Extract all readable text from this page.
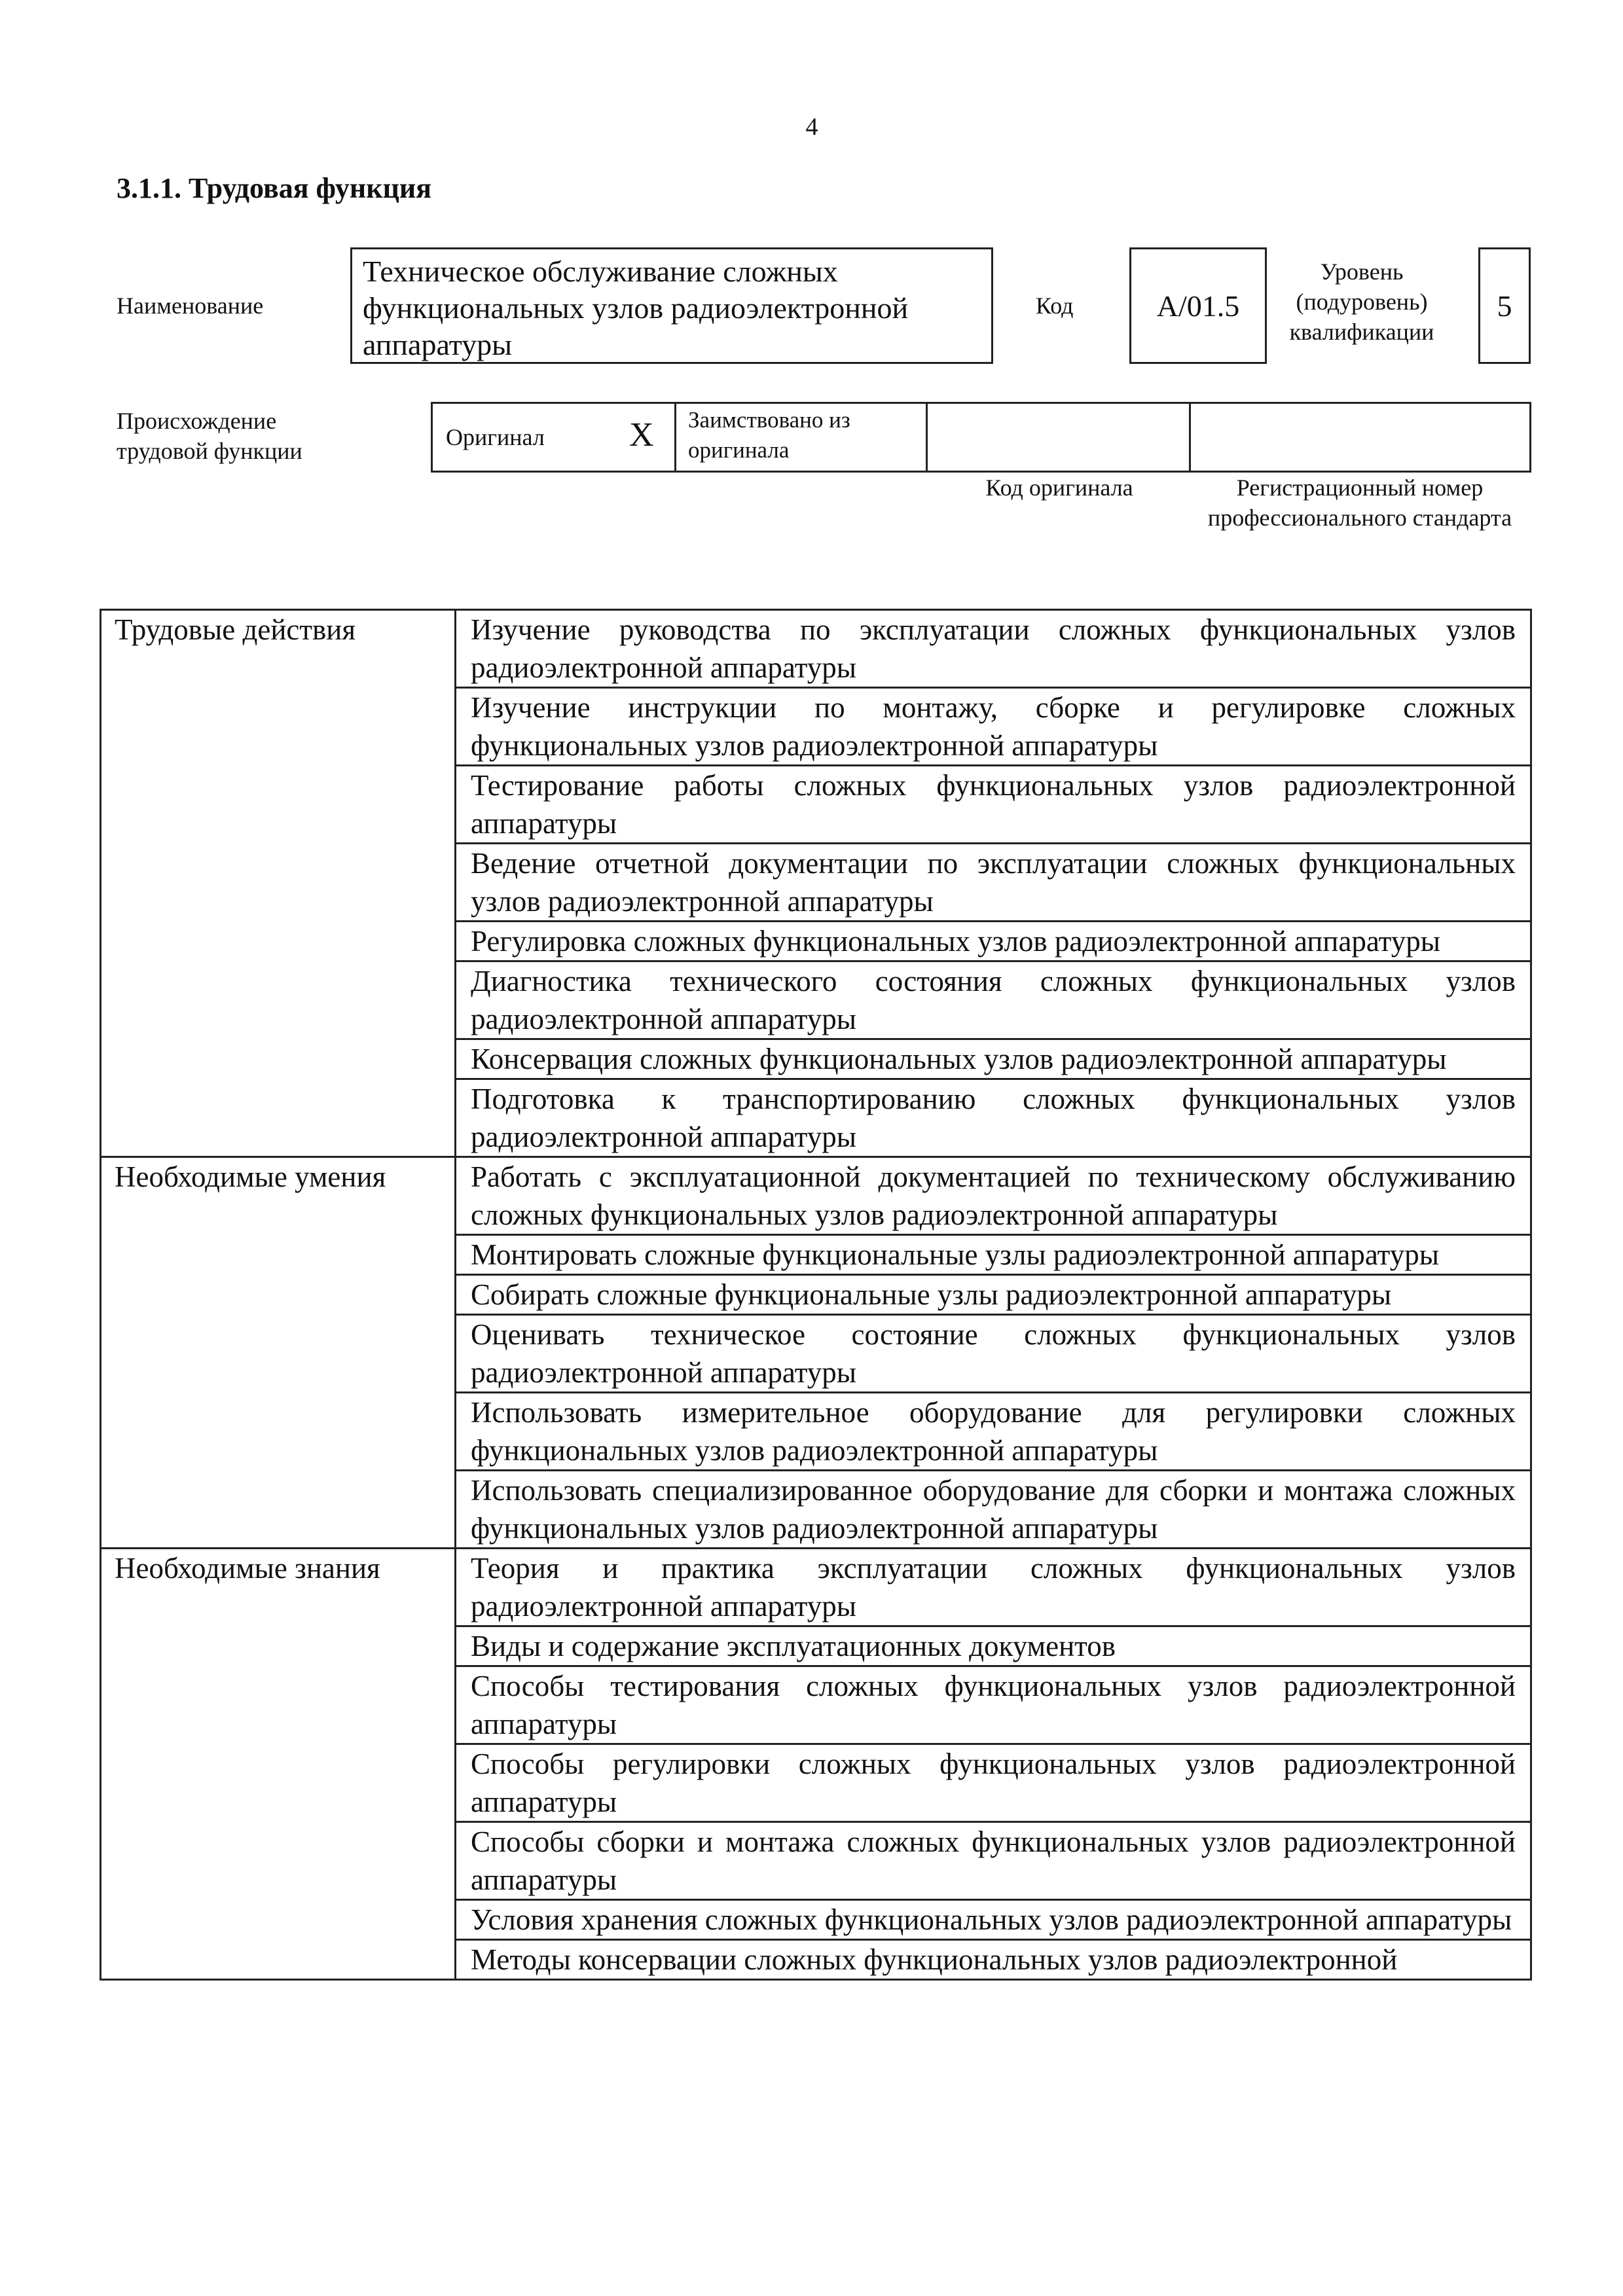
4
3.1.1. Трудовая функция
Наименование
Техническое обслуживание сложных функциональных узлов радиоэлектронной аппаратуры
Код	А/01.5
Уровень (подуровень) квалификации
5
Происхождение трудовой функции
Оригинал X	Заимствовано из оригинала
Код оригинала	Регистрационный номер профессионального стандарта
Трудовые действия	Изучение руководства по эксплуатации сложных функциональных узлов радиоэлектронной аппаратуры
	Изучение инструкции по монтажу, сборке и регулировке сложных функциональных узлов радиоэлектронной аппаратуры
	Тестирование работы сложных функциональных узлов радиоэлектронной аппаратуры
	Ведение отчетной документации по эксплуатации сложных функциональных узлов радиоэлектронной аппаратуры
	Регулировка сложных функциональных узлов радиоэлектронной аппаратуры
	Диагностика технического состояния сложных функциональных узлов радиоэлектронной аппаратуры
	Консервация сложных функциональных узлов радиоэлектронной аппаратуры
	Подготовка к транспортированию сложных функциональных узлов радиоэлектронной аппаратуры
Необходимые умения	Работать с эксплуатационной документацией по техническому обслуживанию сложных функциональных узлов радиоэлектронной аппаратуры
	Монтировать сложные функциональные узлы радиоэлектронной аппаратуры
	Собирать сложные функциональные узлы радиоэлектронной аппаратуры
	Оценивать техническое состояние сложных функциональных узлов радиоэлектронной аппаратуры
	Использовать измерительное оборудование для регулировки сложных функциональных узлов радиоэлектронной аппаратуры
	Использовать специализированное оборудование для сборки и монтажа сложных функциональных узлов радиоэлектронной аппаратуры
Необходимые знания	Теория и практика эксплуатации сложных функциональных узлов радиоэлектронной аппаратуры
	Виды и содержание эксплуатационных документов
	Способы тестирования сложных функциональных узлов радиоэлектронной аппаратуры
	Способы регулировки сложных функциональных узлов радиоэлектронной аппаратуры
	Способы сборки и монтажа сложных функциональных узлов радиоэлектронной аппаратуры
	Условия хранения сложных функциональных узлов радиоэлектронной аппаратуры
	Методы консервации сложных функциональных узлов радиоэлектронной
